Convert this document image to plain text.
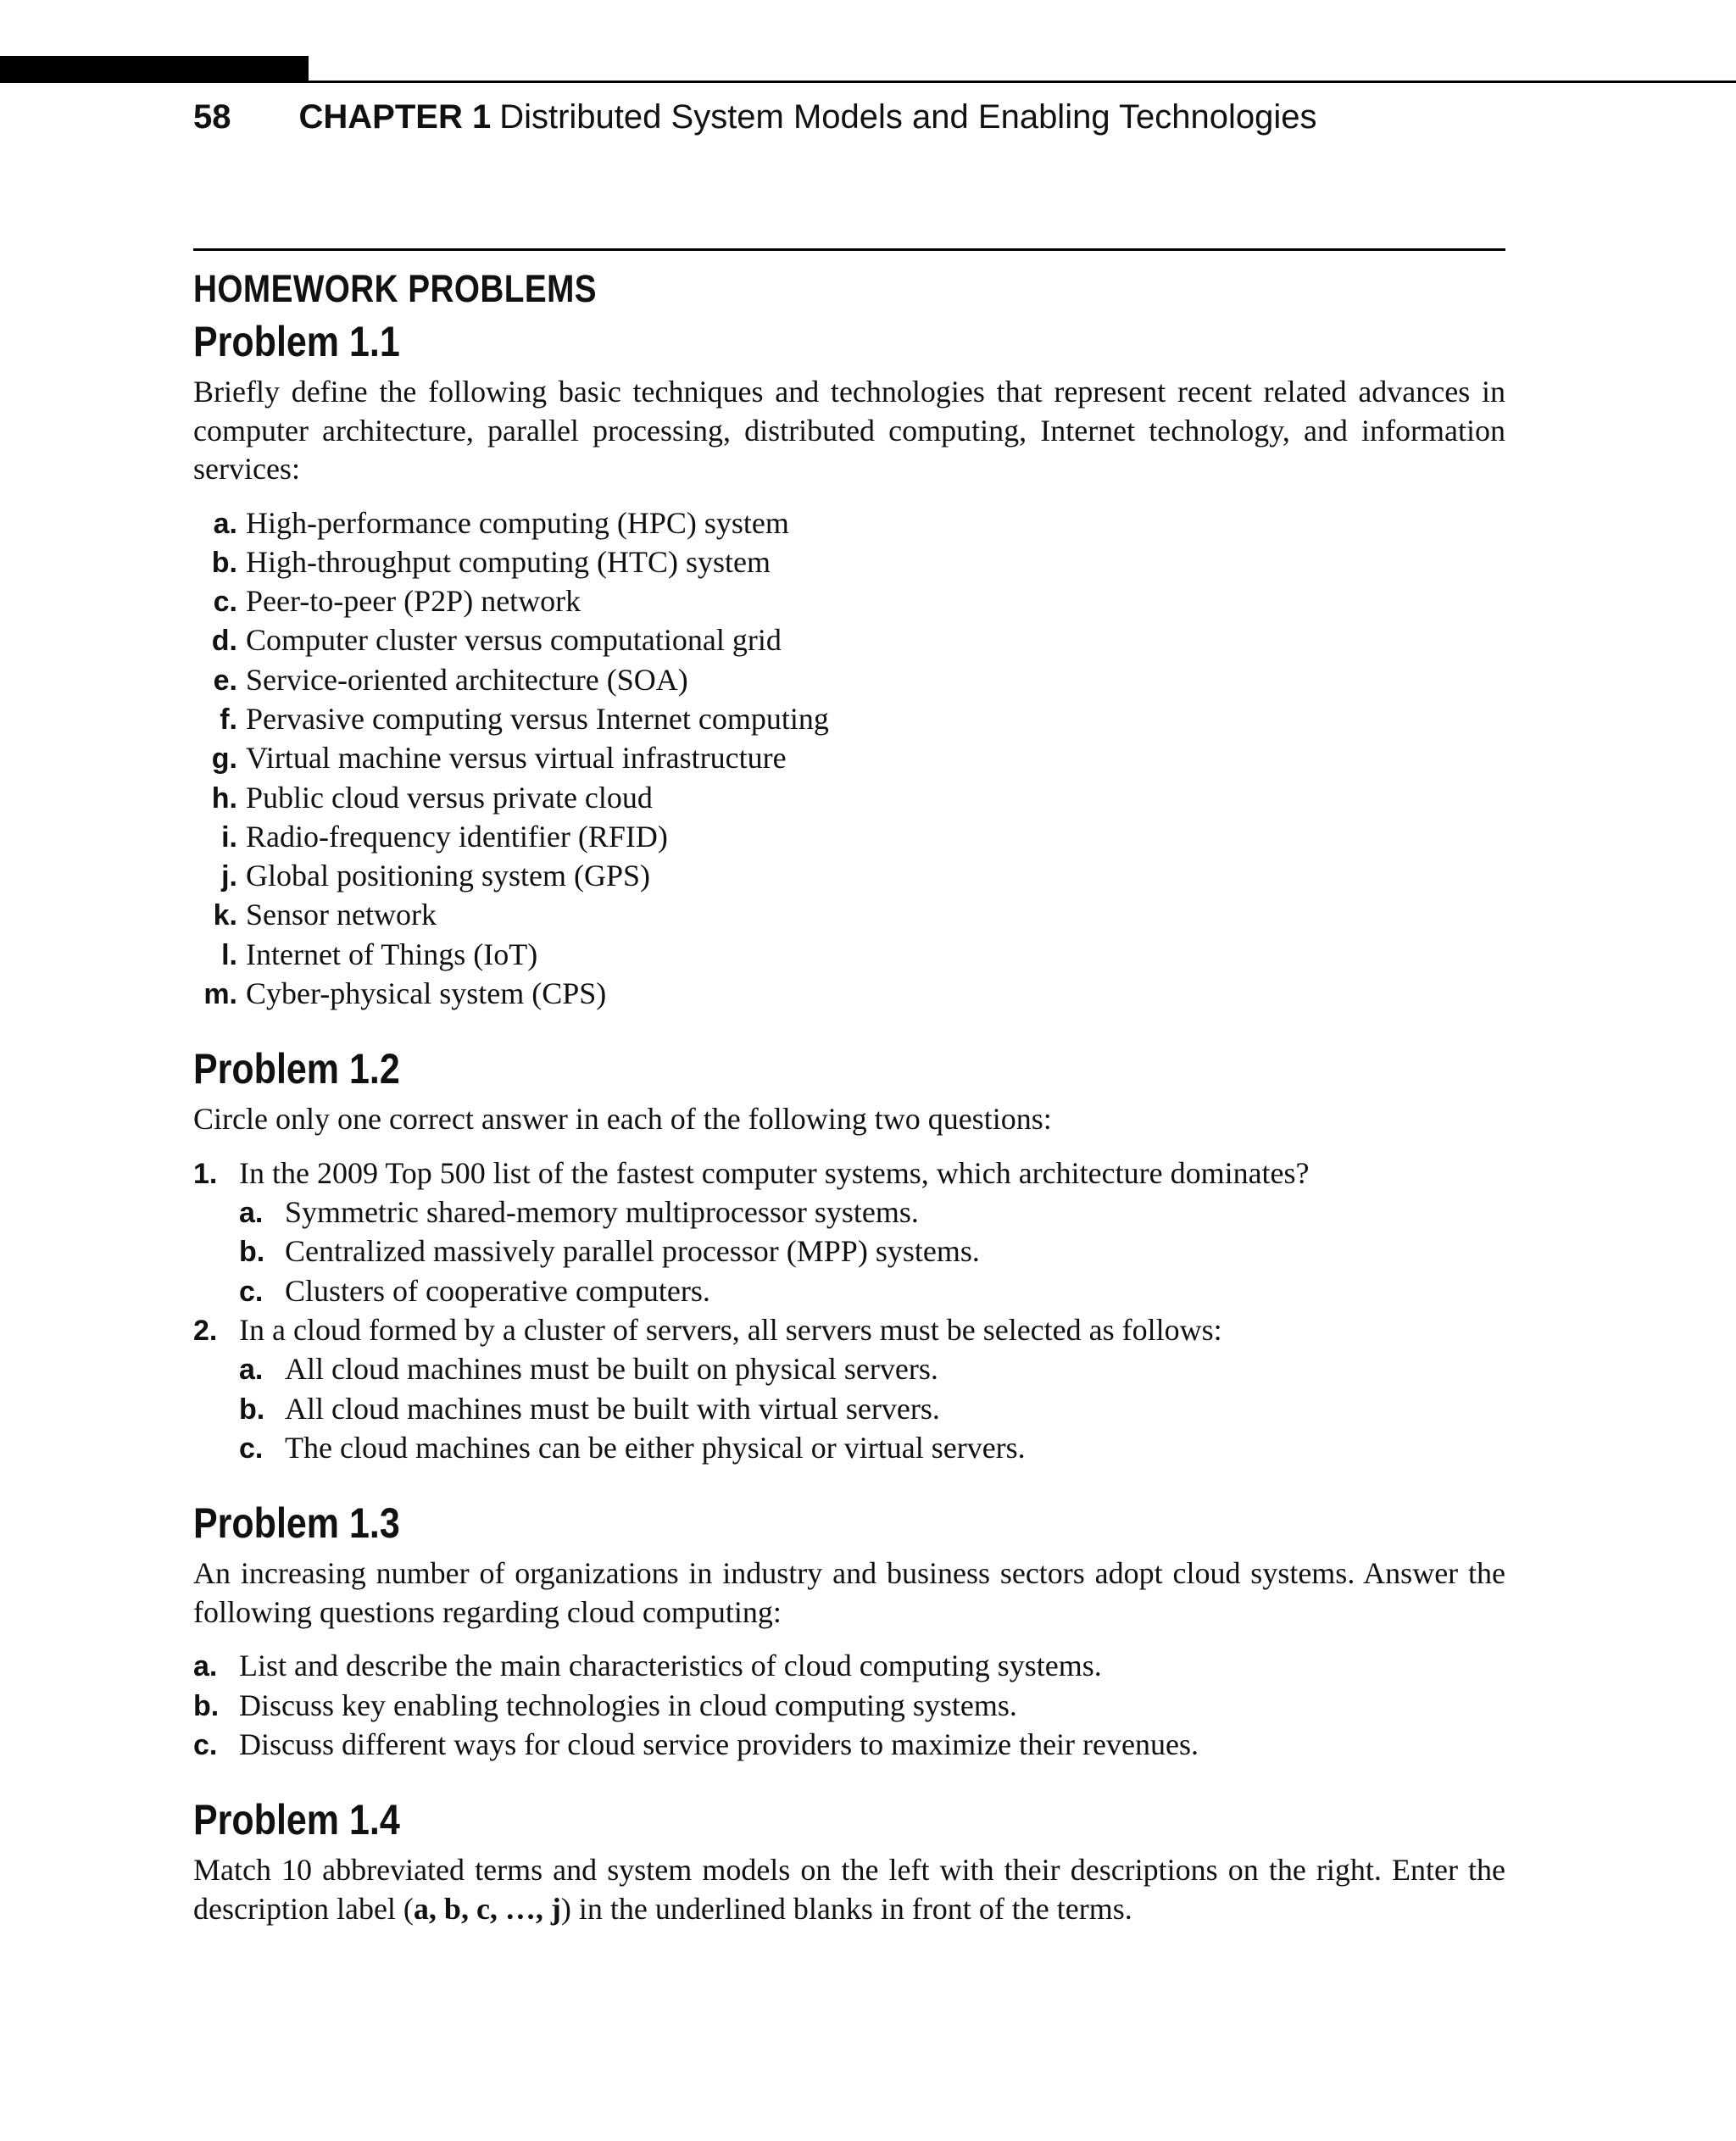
58 CHAPTER 1 Distributed System Models and Enabling Technologies
HOMEWORK PROBLEMS
Problem 1.1

Briefly define the following basic techniques and technologies that represent recent related advances in computer architecture, parallel processing, distributed computing, Internet technology, and information services:

a. High-performance computing (HPC) system
b. High-throughput computing (HTC) system
c. Peer-to-peer (P2P) network
d. Computer cluster versus computational grid
e. Service-oriented architecture (SOA)
f. Pervasive computing versus Internet computing
g. Virtual machine versus virtual infrastructure
h. Public cloud versus private cloud
i. Radio-frequency identifier (RFID)
j. Global positioning system (GPS)
k. Sensor network
l. Internet of Things (IoT)
m. Cyber-physical system (CPS)
Problem 1.2

Circle only one correct answer in each of the following two questions:

1. In the 2009 Top 500 list of the fastest computer systems, which architecture dominates?
a. Symmetric shared-memory multiprocessor systems.
b. Centralized massively parallel processor (MPP) systems.
c. Clusters of cooperative computers.
2. In a cloud formed by a cluster of servers, all servers must be selected as follows:
a. All cloud machines must be built on physical servers.
b. All cloud machines must be built with virtual servers.
c. The cloud machines can be either physical or virtual servers.
Problem 1.3

An increasing number of organizations in industry and business sectors adopt cloud systems. Answer the following questions regarding cloud computing:

a. List and describe the main characteristics of cloud computing systems.
b. Discuss key enabling technologies in cloud computing systems.
c. Discuss different ways for cloud service providers to maximize their revenues.
Problem 1.4

Match 10 abbreviated terms and system models on the left with their descriptions on the right. Enter the description label (a, b, c, …, j) in the underlined blanks in front of the terms.
